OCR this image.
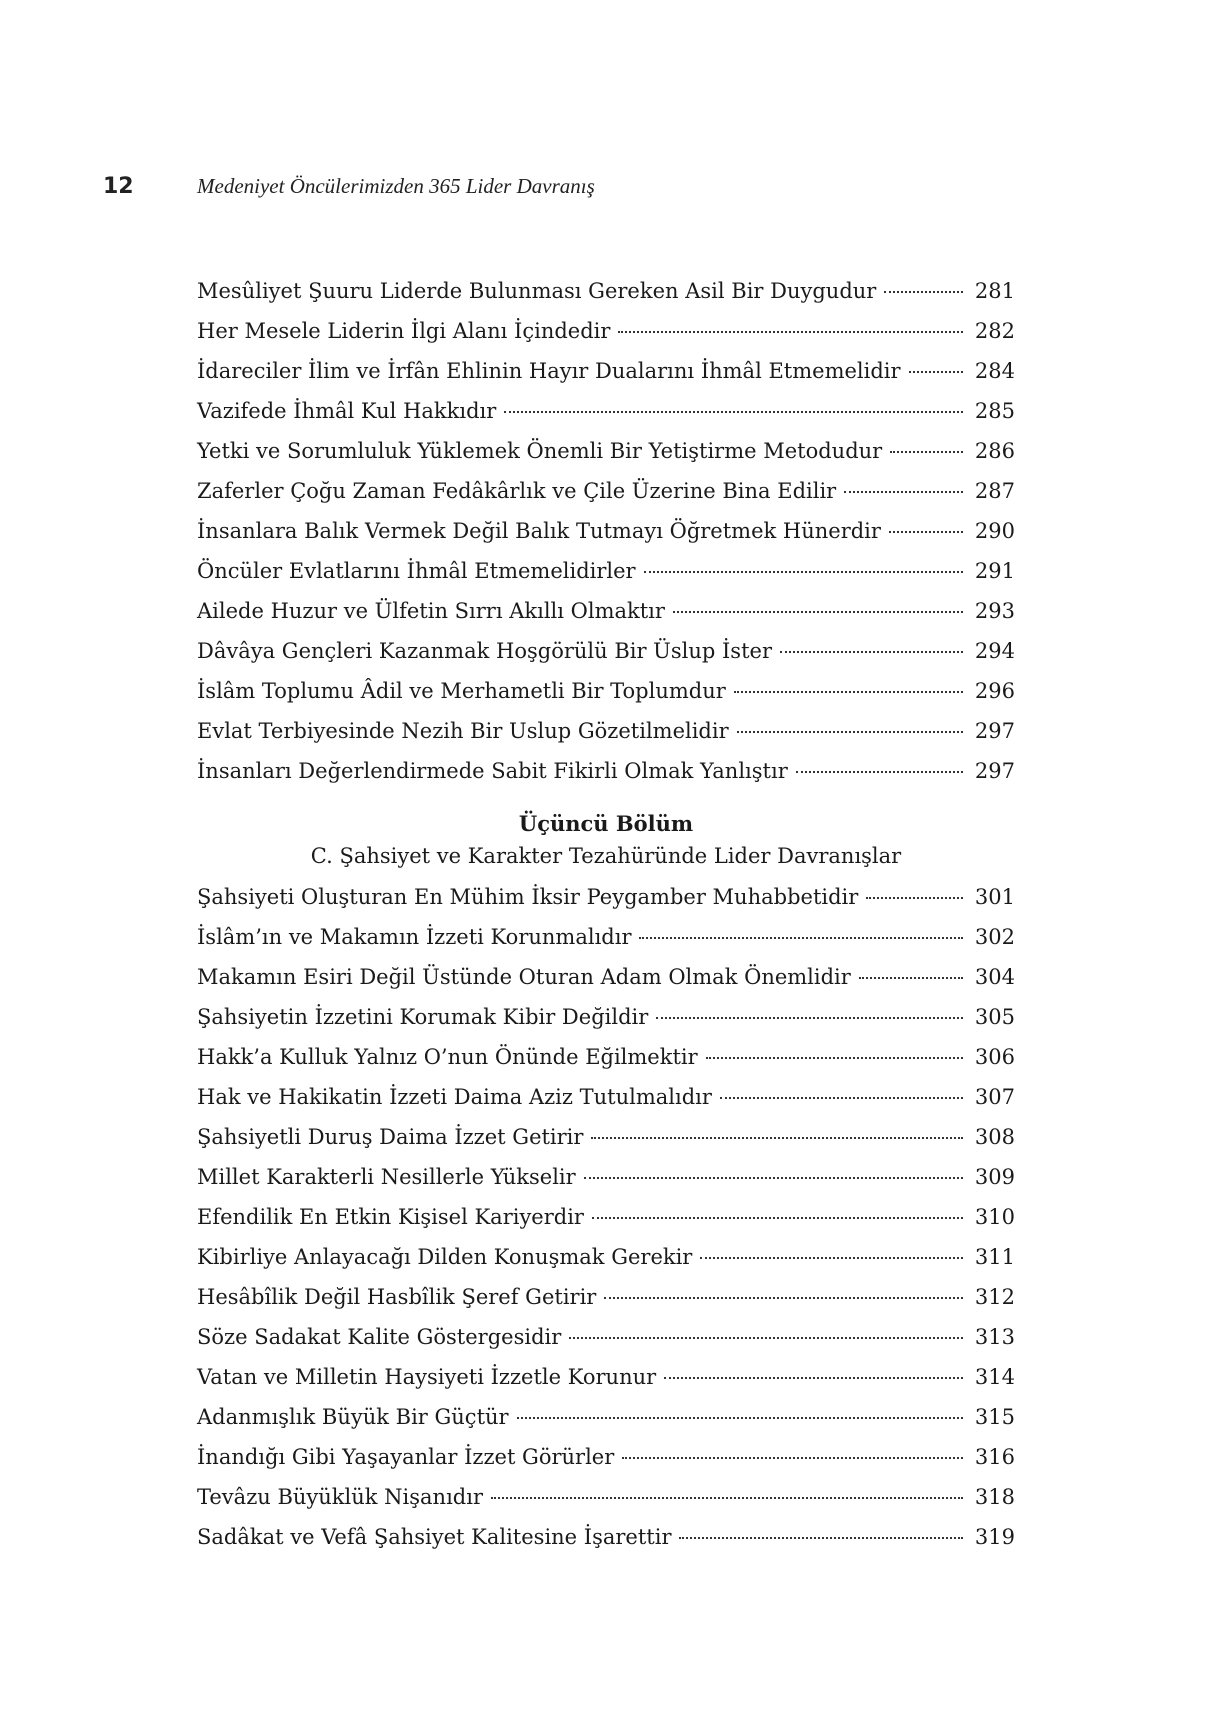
12	Medeniyet Öncülerimizden 365 Lider Davranış
Mesûliyet Şuuru Liderde Bulunması Gereken Asil Bir Duygudur	281
Her Mesele Liderin İlgi Alanı İçindedir	282
İdareciler İlim ve İrfân Ehlinin Hayır Dualarını İhmâl Etmemelidir	284
Vazifede İhmâl Kul Hakkıdır	285
Yetki ve Sorumluluk Yüklemek Önemli Bir Yetiştirme Metodudur	286
Zaferler Çoğu Zaman Fedâkârlık ve Çile Üzerine Bina Edilir	287
İnsanlara Balık Vermek Değil Balık Tutmayı Öğretmek Hünerdir	290
Öncüler Evlatlarını İhmâl Etmemelidirler	291
Ailede Huzur ve Ülfetin Sırrı Akıllı Olmaktır	293
Dâvâya Gençleri Kazanmak Hoşgörülü Bir Üslup İster	294
İslâm Toplumu Âdil ve Merhametli Bir Toplumdur	296
Evlat Terbiyesinde Nezih Bir Uslup Gözetilmelidir	297
İnsanları Değerlendirmede Sabit Fikirli Olmak Yanlıştır	297
Üçüncü Bölüm
C. Şahsiyet ve Karakter Tezahüründe Lider Davranışlar
Şahsiyeti Oluşturan En Mühim İksir Peygamber Muhabbetidir	301
İslâm’ın ve Makamın İzzeti Korunmalıdır	302
Makamın Esiri Değil Üstünde Oturan Adam Olmak Önemlidir	304
Şahsiyetin İzzetini Korumak Kibir Değildir	305
Hakk’a Kulluk Yalnız O’nun Önünde Eğilmektir	306
Hak ve Hakikatin İzzeti Daima Aziz Tutulmalıdır	307
Şahsiyetli Duruş Daima İzzet Getirir	308
Millet Karakterli Nesillerle Yükselir	309
Efendilik En Etkin Kişisel Kariyerdir	310
Kibirliye Anlayacağı Dilden Konuşmak Gerekir	311
Hesâbîlik Değil Hasbîlik Şeref Getirir	312
Söze Sadakat Kalite Göstergesidir	313
Vatan ve Milletin Haysiyeti İzzetle Korunur	314
Adanmışlık Büyük Bir Güçtür	315
İnandığı Gibi Yaşayanlar İzzet Görürler	316
Tevâzu Büyüklük Nişanıdır	318
Sadâkat ve Vefâ Şahsiyet Kalitesine İşarettir	319
